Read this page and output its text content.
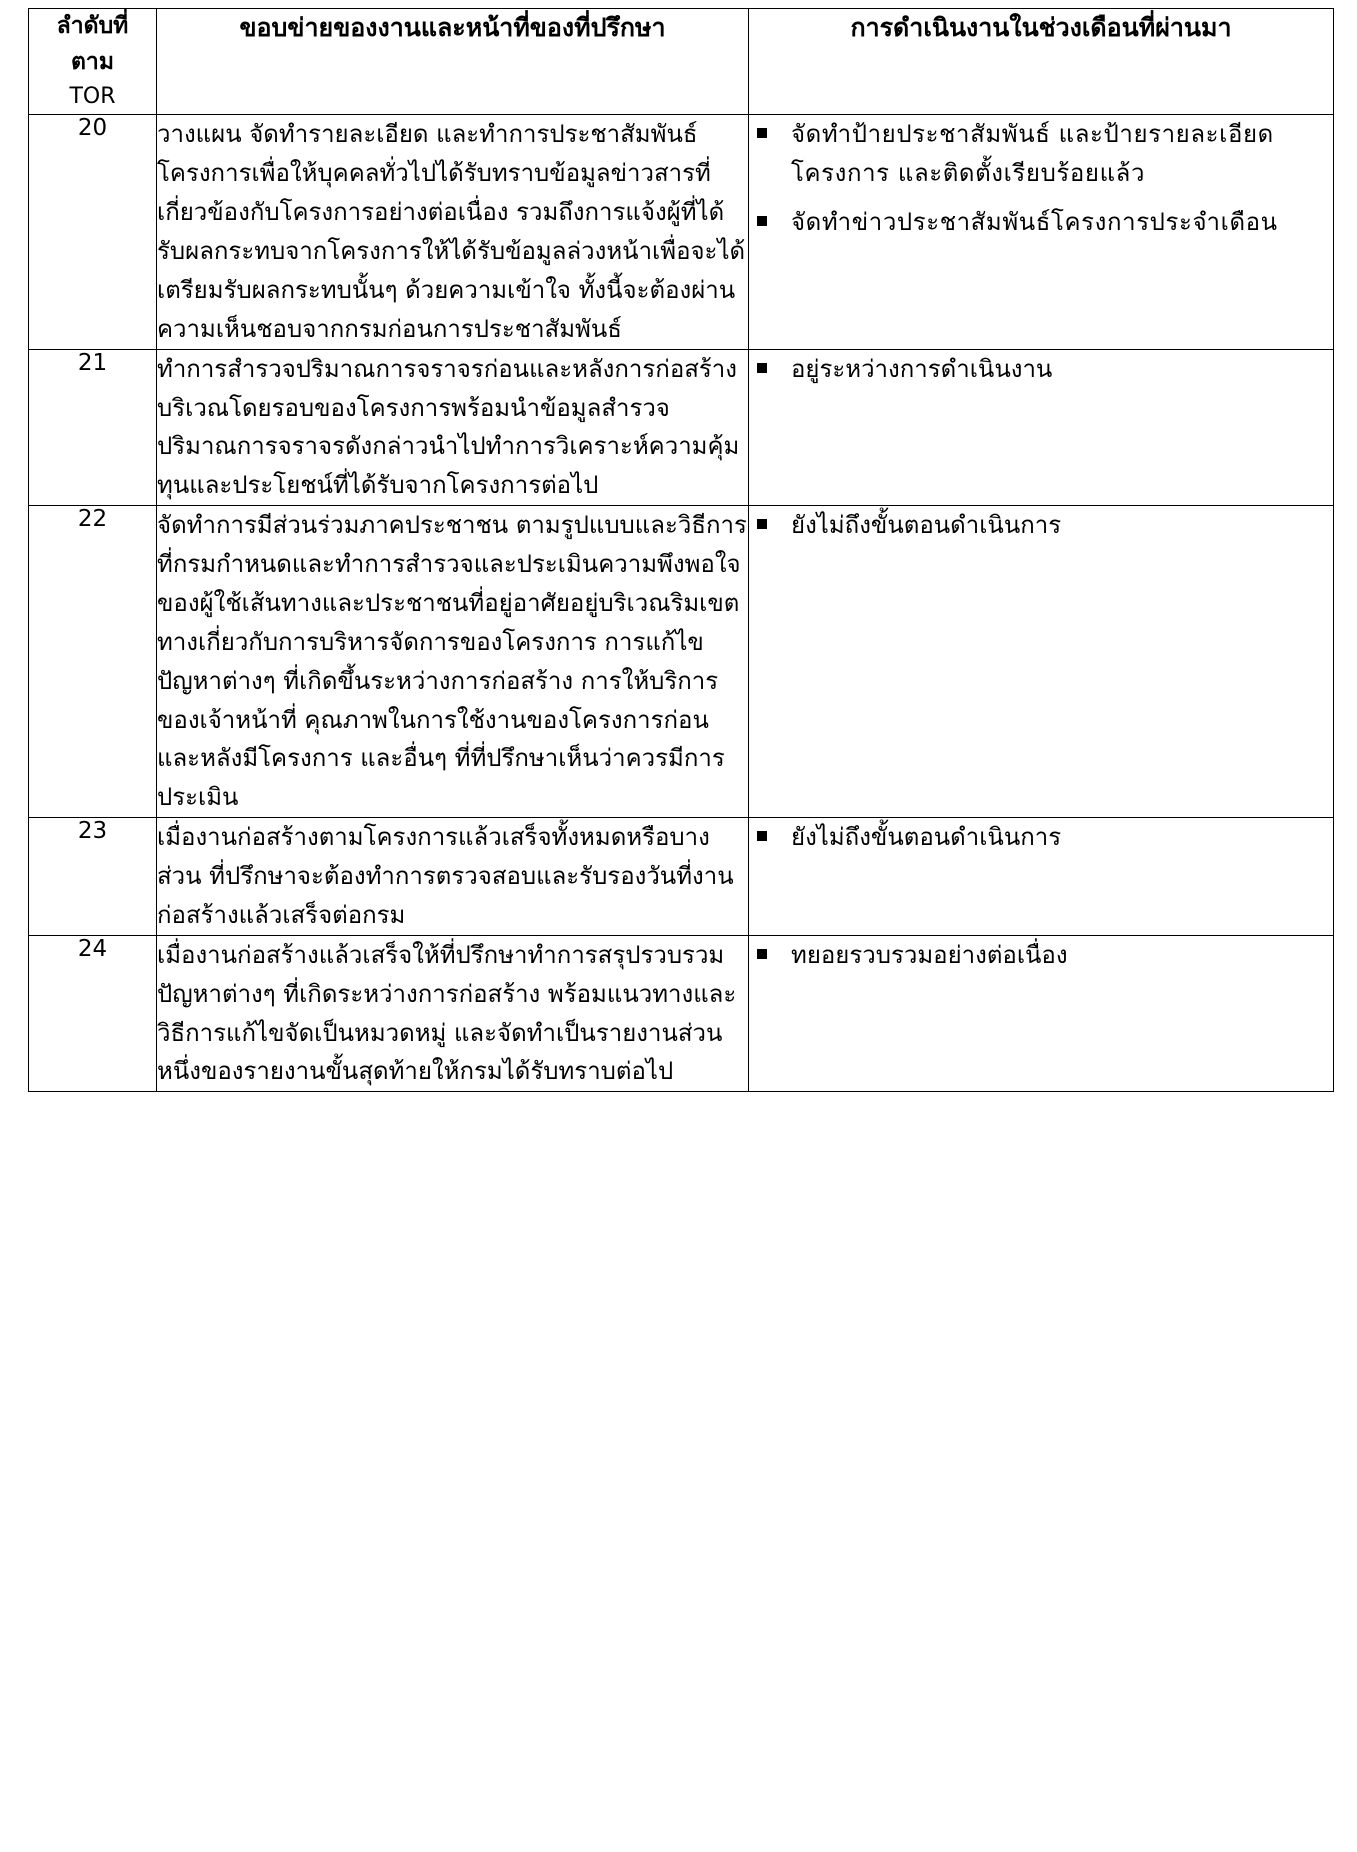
ลำดับที่

ตาม

TOR	ขอบข่ายของงานและหน้าที่ของที่ปรึกษา	การดำเนินงานในช่วงเดือนที่ผ่านมา
20	วางแผน จัดทำรายละเอียด และทำการประชาสัมพันธ์โครงการเพื่อให้บุคคลทั่วไปได้รับทราบข้อมูลข่าวสารที่เกี่ยวข้องกับโครงการอย่างต่อเนื่อง รวมถึงการแจ้งผู้ที่ได้รับผลกระทบจากโครงการให้ได้รับข้อมูลล่วงหน้าเพื่อจะได้เตรียมรับผลกระทบนั้นๆ ด้วยความเข้าใจ ทั้งนี้จะต้องผ่านความเห็นชอบจากกรมก่อนการประชาสัมพันธ์	
จัดทำป้ายประชาสัมพันธ์ และป้ายรายละเอียดโครงการ และติดตั้งเรียบร้อยแล้ว
จัดทำข่าวประชาสัมพันธ์โครงการประจำเดือน

21	ทำการสำรวจปริมาณการจราจรก่อนและหลังการก่อสร้างบริเวณโดยรอบของโครงการพร้อมนำข้อมูลสำรวจปริมาณการจราจรดังกล่าวนำไปทำการวิเคราะห์ความคุ้มทุนและประโยชน์ที่ได้รับจากโครงการต่อไป	
อยู่ระหว่างการดำเนินงาน

22	จัดทำการมีส่วนร่วมภาคประชาชน ตามรูปแบบและวิธีการที่กรมกำหนดและทำการสำรวจและประเมินความพึงพอใจของผู้ใช้เส้นทางและประชาชนที่อยู่อาศัยอยู่บริเวณริมเขตทางเกี่ยวกับการบริหารจัดการของโครงการ การแก้ไขปัญหาต่างๆ ที่เกิดขึ้นระหว่างการก่อสร้าง การให้บริการของเจ้าหน้าที่ คุณภาพในการใช้งานของโครงการก่อนและหลังมีโครงการ และอื่นๆ ที่ที่ปรึกษาเห็นว่าควรมีการประเมิน	
ยังไม่ถึงขั้นตอนดำเนินการ

23	เมื่องานก่อสร้างตามโครงการแล้วเสร็จทั้งหมดหรือบางส่วน ที่ปรึกษาจะต้องทำการตรวจสอบและรับรองวันที่งานก่อสร้างแล้วเสร็จต่อกรม	
ยังไม่ถึงขั้นตอนดำเนินการ

24	เมื่องานก่อสร้างแล้วเสร็จให้ที่ปรึกษาทำการสรุปรวบรวมปัญหาต่างๆ ที่เกิดระหว่างการก่อสร้าง พร้อมแนวทางและวิธีการแก้ไขจัดเป็นหมวดหมู่ และจัดทำเป็นรายงานส่วนหนึ่งของรายงานขั้นสุดท้ายให้กรมได้รับทราบต่อไป	
ทยอยรวบรวมอย่างต่อเนื่อง
